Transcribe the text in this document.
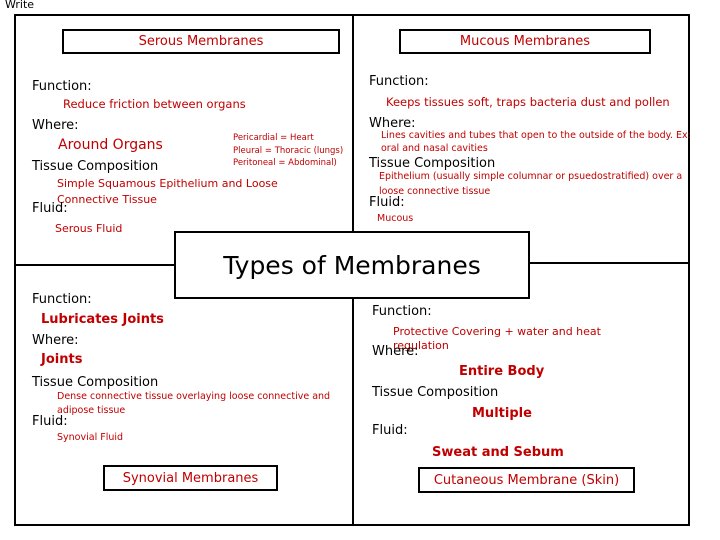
Write
Serous Membranes
Function:
Reduce friction between organs
Where:
Around Organs	Pericardial = Heart
Pleural = Thoracic (lungs)
Peritoneal = Abdominal)
Tissue Composition
Simple Squamous Epithelium and Loose Connective Tissue
Fluid:
Serous Fluid
Mucous Membranes
Function:
Keeps tissues soft, traps bacteria dust and pollen
Where:
Lines cavities and tubes that open to the outside of the body. Ex: oral and nasal cavities
Tissue Composition
Epithelium (usually simple columnar or psuedostratified) over a loose connective tissue
Fluid:
Mucous
Types of Membranes
Function:
Lubricates Joints
Where:
Joints
Tissue Composition
Dense connective tissue overlaying loose connective and adipose tissue
Fluid:
Synovial Fluid
Synovial Membranes
Function:
Protective Covering + water and heat regulation
Where:
Entire Body
Tissue Composition
Multiple
Fluid:
Sweat and Sebum
Cutaneous Membrane (Skin)
